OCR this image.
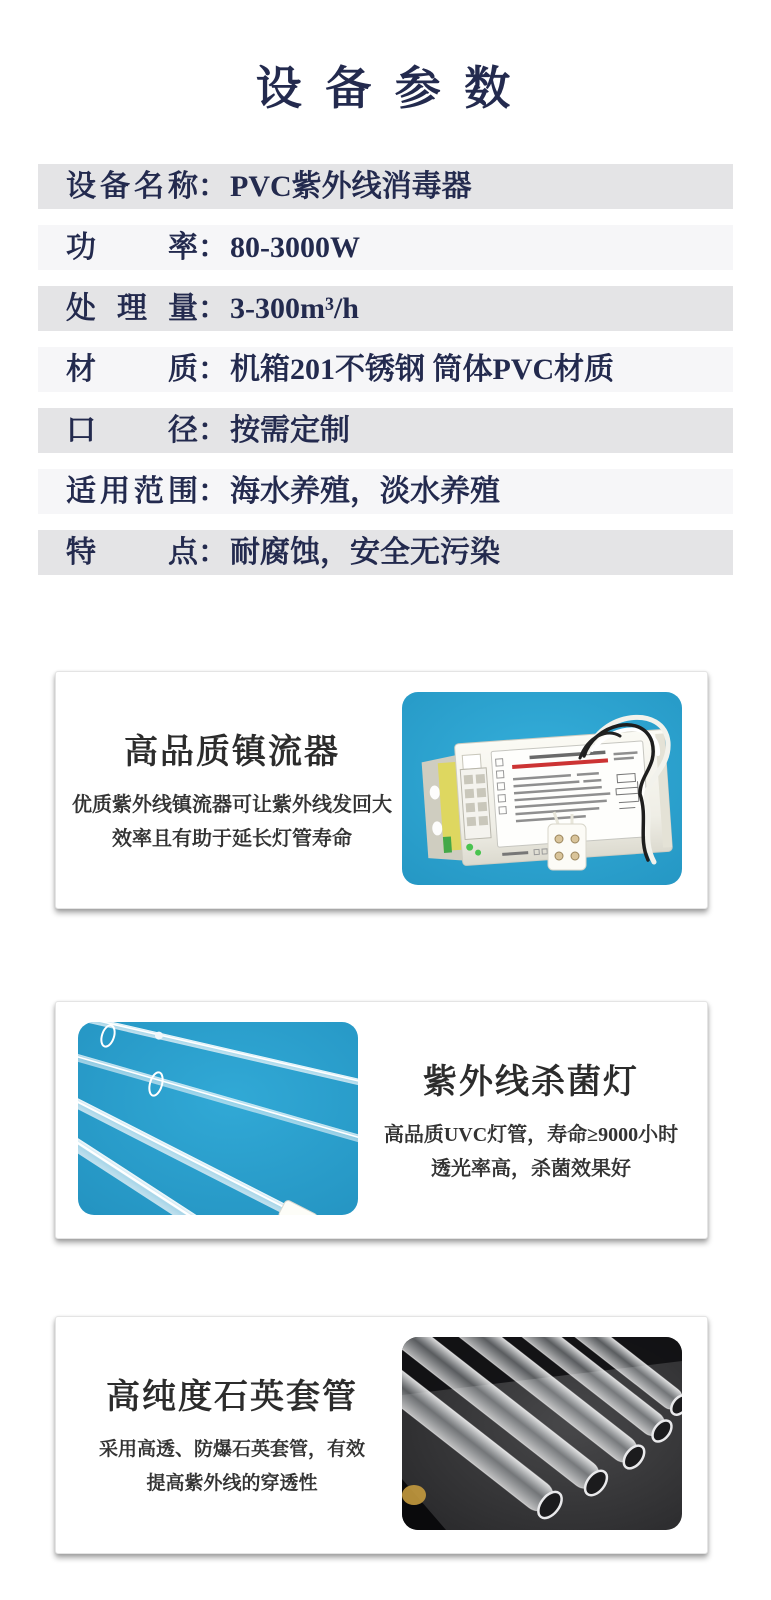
设 备 参 数
设备名称：PVC紫外线消毒器
功率：80-3000W
处理量：3-300m³/h
材质：机箱201不锈钢 筒体PVC材质
口径：按需定制
适用范围：海水养殖，淡水养殖
特点：耐腐蚀，安全无污染
高品质镇流器
优质紫外线镇流器可让紫外线发回大
效率且有助于延长灯管寿命
紫外线杀菌灯
高品质UVC灯管，寿命≥9000小时
透光率高，杀菌效果好
高纯度石英套管
采用高透、防爆石英套管，有效
提高紫外线的穿透性
